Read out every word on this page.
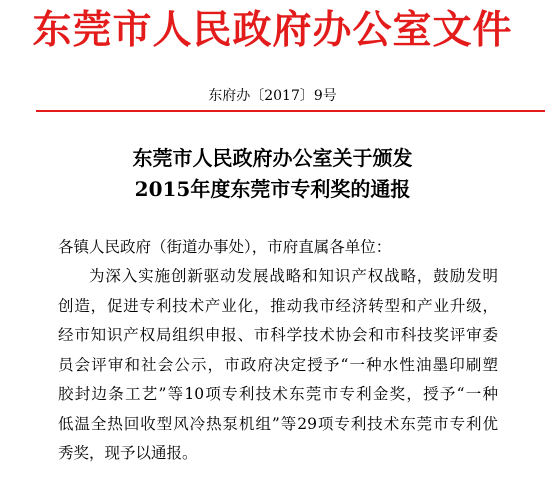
东莞市人民政府办公室文件
东府办〔2017〕9号
东莞市人民政府办公室关于颁发
2015年度东莞市专利奖的通报
各镇人民政府（街道办事处），市府直属各单位：
为深入实施创新驱动发展战略和知识产权战略，鼓励发明
创造，促进专利技术产业化，推动我市经济转型和产业升级，
经市知识产权局组织申报、市科学技术协会和市科技奖评审委
员会评审和社会公示，市政府决定授予“一种水性油墨印刷塑
胶封边条工艺”等10项专利技术东莞市专利金奖，授予“一种
低温全热回收型风冷热泵机组”等29项专利技术东莞市专利优
秀奖，现予以通报。
